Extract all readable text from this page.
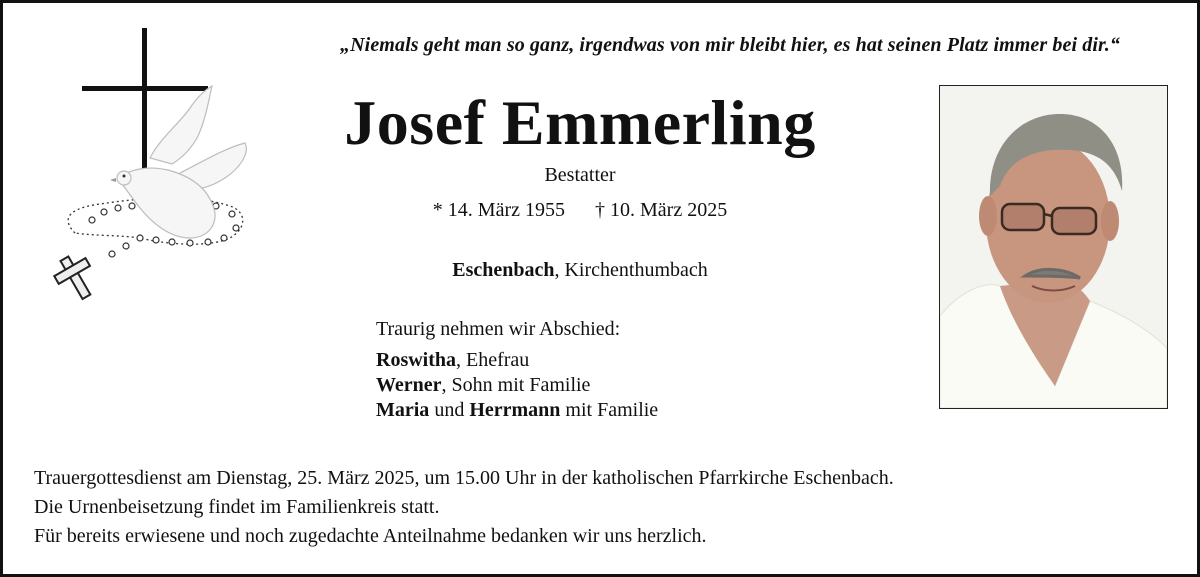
„Niemals geht man so ganz, irgendwas von mir bleibt hier, es hat seinen Platz immer bei dir.“
Josef Emmerling
Bestatter
* 14. März 1955 † 10. März 2025
Eschenbach, Kirchenthumbach
Traurig nehmen wir Abschied:
Roswitha, Ehefrau
Werner, Sohn mit Familie
Maria und Herrmann mit Familie
Trauergottesdienst am Dienstag, 25. März 2025, um 15.00 Uhr in der katholischen Pfarrkirche Eschenbach.
Die Urnenbeisetzung findet im Familienkreis statt.
Für bereits erwiesene und noch zugedachte Anteilnahme bedanken wir uns herzlich.
